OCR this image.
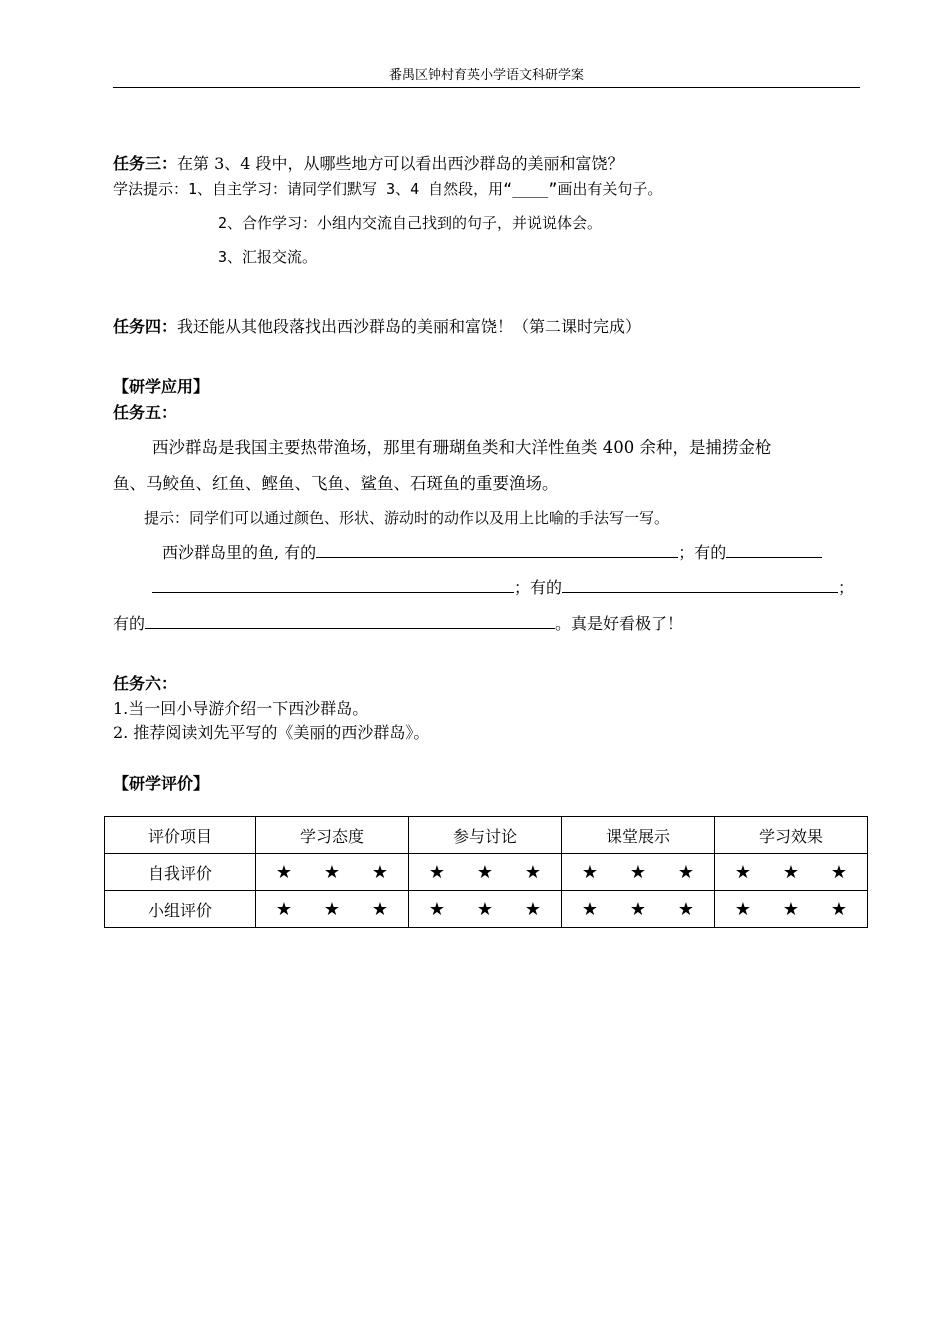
番禺区钟村育英小学语文科研学案
任务三：在第 3、4 段中，从哪些地方可以看出西沙群岛的美丽和富饶？
学法提示：1、自主学习：请同学们默写 3、4 自然段，用“____”画出有关句子。
2、合作学习：小组内交流自己找到的句子，并说说体会。
3、汇报交流。
任务四：我还能从其他段落找出西沙群岛的美丽和富饶！（第二课时完成）
【研学应用】
任务五：
西沙群岛是我国主要热带渔场，那里有珊瑚鱼类和大洋性鱼类 400 余种，是捕捞金枪
鱼、马鲛鱼、红鱼、鲣鱼、飞鱼、鲨鱼、石斑鱼的重要渔场。
提示：同学们可以通过颜色、形状、游动时的动作以及用上比喻的手法写一写。
西沙群岛里的鱼, 有的	；有的
；有的	；
有的	。真是好看极了！
任务六：
1.当一回小导游介绍一下西沙群岛。
2. 推荐阅读刘先平写的《美丽的西沙群岛》。
【研学评价】
评价项目	学习态度	参与讨论	课堂展示	学习效果
自我评价	★ ★ ★	★ ★ ★	★ ★ ★	★ ★ ★
小组评价	★ ★ ★	★ ★ ★	★ ★ ★	★ ★ ★
